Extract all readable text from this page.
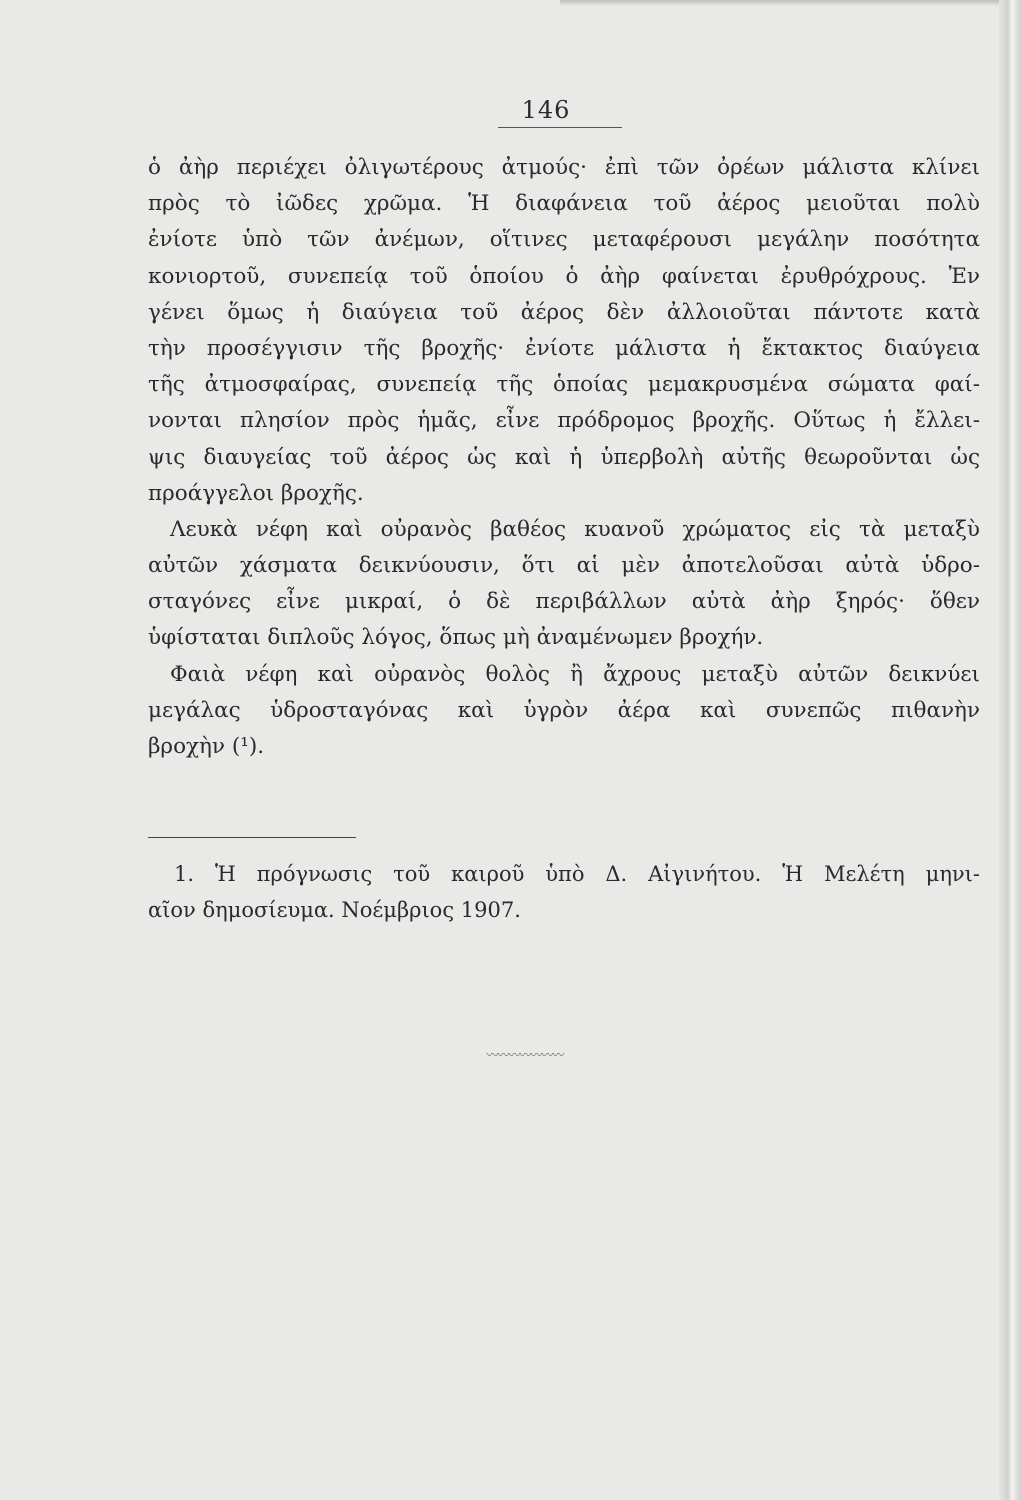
146
ὁ ἀὴρ περιέχει ὀλιγωτέρους ἀτμούς· ἐπὶ τῶν ὀρέων μάλιστα κλίνει
πρὸς τὸ ἰῶδες χρῶμα. Ἡ διαφάνεια τοῦ ἀέρος μειοῦται πολὺ
ἐνίοτε ὑπὸ τῶν ἀνέμων, οἵτινες μεταφέρουσι μεγάλην ποσότητα
κονιορτοῦ, συνεπείᾳ τοῦ ὁποίου ὁ ἀὴρ φαίνεται ἐρυθρόχρους. Ἐν
γένει ὅμως ἡ διαύγεια τοῦ ἀέρος δὲν ἀλλοιοῦται πάντοτε κατὰ
τὴν προσέγγισιν τῆς βροχῆς· ἐνίοτε μάλιστα ἡ ἔκτακτος διαύγεια
τῆς ἀτμοσφαίρας, συνεπείᾳ τῆς ὁποίας μεμακρυσμένα σώματα φαί-
νονται πλησίον πρὸς ἡμᾶς, εἶνε πρόδρομος βροχῆς. Οὕτως ἡ ἔλλει-
ψις διαυγείας τοῦ ἀέρος ὡς καὶ ἡ ὑπερβολὴ αὐτῆς θεωροῦνται ὡς
προάγγελοι βροχῆς.
Λευκὰ νέφη καὶ οὐρανὸς βαθέος κυανοῦ χρώματος εἰς τὰ μεταξὺ
αὐτῶν χάσματα δεικνύουσιν, ὅτι αἱ μὲν ἀποτελοῦσαι αὐτὰ ὑδρο-
σταγόνες εἶνε μικραί, ὁ δὲ περιβάλλων αὐτὰ ἀὴρ ξηρός· ὅθεν
ὑφίσταται διπλοῦς λόγος, ὅπως μὴ ἀναμένωμεν βροχήν.
Φαιὰ νέφη καὶ οὐρανὸς θολὸς ἢ ἄχρους μεταξὺ αὐτῶν δεικνύει
μεγάλας ὑδροσταγόνας καὶ ὑγρὸν ἀέρα καὶ συνεπῶς πιθανὴν
βροχὴν (¹).
1. Ἡ πρόγνωσις τοῦ καιροῦ ὑπὸ Δ. Αἰγινήτου. Ἡ Μελέτη μηνι-
αῖον δημοσίευμα. Νοέμβριος 1907.
〰〰〰〰〰〰〰
